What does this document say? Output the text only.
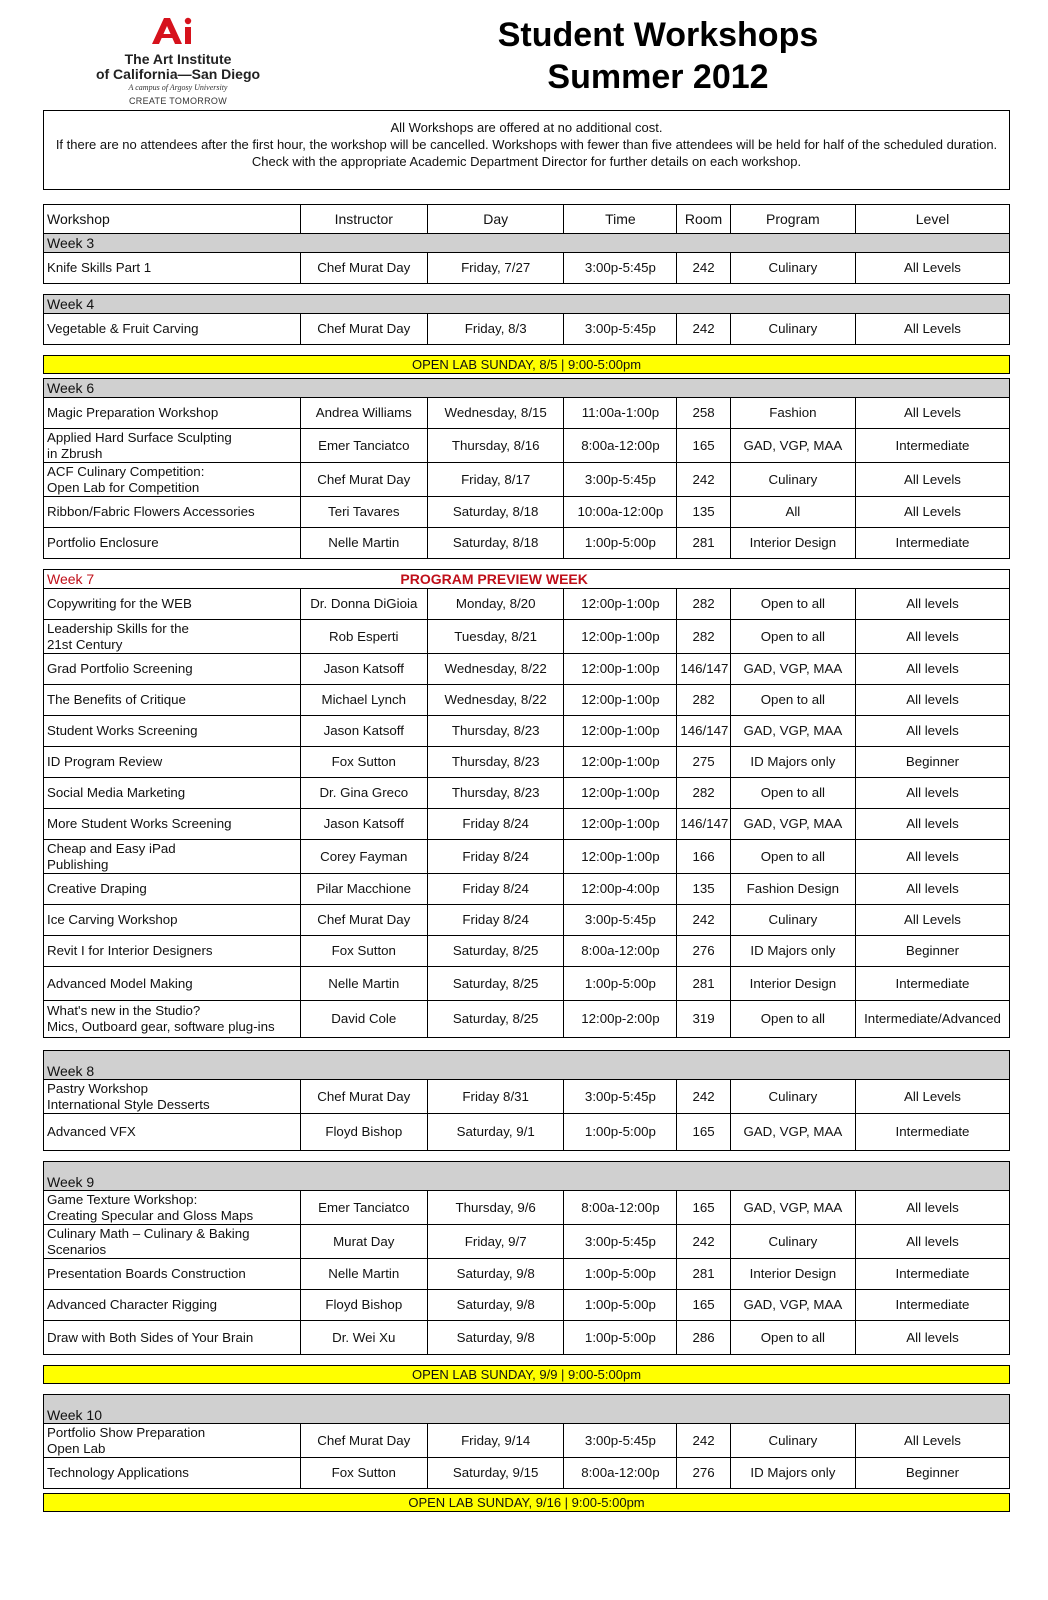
The Art Institute
of California—San Diego
A campus of Argosy University
CREATE TOMORROW
Student Workshops
Summer 2012
All Workshops are offered at no additional cost.
If there are no attendees after the first hour, the workshop will be cancelled. Workshops with fewer than five attendees will be held for half of the scheduled duration.
Check with the appropriate Academic Department Director for further details on each workshop.
Workshop	Instructor	Day	Time	Room	Program	Level
Week 3						

Knife Skills Part 1	Chef Murat Day	Friday, 7/27	3:00p-5:45p	242	Culinary	All Levels

Week 4						

Vegetable & Fruit Carving	Chef Murat Day	Friday, 8/3	3:00p-5:45p	242	Culinary	All Levels

OPEN LAB SUNDAY, 8/5 | 9:00-5:00pm						

Week 6						

Magic Preparation Workshop	Andrea Williams	Wednesday, 8/15	11:00a-1:00p	258	Fashion	All Levels

Applied Hard Surface Sculpting
in Zbrush	Emer Tanciatco	Thursday, 8/16	8:00a-12:00p	165	GAD, VGP, MAA	Intermediate

ACF Culinary Competition:
Open Lab for Competition	Chef Murat Day	Friday, 8/17	3:00p-5:45p	242	Culinary	All Levels

Ribbon/Fabric Flowers Accessories	Teri Tavares	Saturday, 8/18	10:00a-12:00p	135	All	All Levels

Portfolio Enclosure	Nelle Martin	Saturday, 8/18	1:00p-5:00p	281	Interior Design	Intermediate

Week 7		PROGRAM PREVIEW WEEK				

Copywriting for the WEB	Dr. Donna DiGioia	Monday, 8/20	12:00p-1:00p	282	Open to all	All levels

Leadership Skills for the
21st Century	Rob Esperti	Tuesday, 8/21	12:00p-1:00p	282	Open to all	All levels

Grad Portfolio Screening	Jason Katsoff	Wednesday, 8/22	12:00p-1:00p	146/147	GAD, VGP, MAA	All levels

The Benefits of Critique	Michael Lynch	Wednesday, 8/22	12:00p-1:00p	282	Open to all	All levels

Student Works Screening	Jason Katsoff	Thursday, 8/23	12:00p-1:00p	146/147	GAD, VGP, MAA	All levels

ID Program Review	Fox Sutton	Thursday, 8/23	12:00p-1:00p	275	ID Majors only	Beginner

Social Media Marketing	Dr. Gina Greco	Thursday, 8/23	12:00p-1:00p	282	Open to all	All levels

More Student Works Screening	Jason Katsoff	Friday 8/24	12:00p-1:00p	146/147	GAD, VGP, MAA	All levels

Cheap and Easy iPad
Publishing	Corey Fayman	Friday 8/24	12:00p-1:00p	166	Open to all	All levels

Creative Draping	Pilar Macchione	Friday 8/24	12:00p-4:00p	135	Fashion Design	All levels

Ice Carving Workshop	Chef Murat Day	Friday 8/24	3:00p-5:45p	242	Culinary	All Levels

Revit I for Interior Designers	Fox Sutton	Saturday, 8/25	8:00a-12:00p	276	ID Majors only	Beginner

Advanced Model Making	Nelle Martin	Saturday, 8/25	1:00p-5:00p	281	Interior Design	Intermediate

What's new in the Studio?
Mics, Outboard gear, software plug-ins	David Cole	Saturday, 8/25	12:00p-2:00p	319	Open to all	Intermediate/Advanced

Week 8						

Pastry Workshop
International Style Desserts	Chef Murat Day	Friday 8/31	3:00p-5:45p	242	Culinary	All Levels

Advanced VFX	Floyd Bishop	Saturday, 9/1	1:00p-5:00p	165	GAD, VGP, MAA	Intermediate

Week 9						

Game Texture Workshop:
Creating Specular and Gloss Maps	Emer Tanciatco	Thursday, 9/6	8:00a-12:00p	165	GAD, VGP, MAA	All levels

Culinary Math – Culinary & Baking
Scenarios	Murat Day	Friday, 9/7	3:00p-5:45p	242	Culinary	All levels

Presentation Boards Construction	Nelle Martin	Saturday, 9/8	1:00p-5:00p	281	Interior Design	Intermediate

Advanced Character Rigging	Floyd Bishop	Saturday, 9/8	1:00p-5:00p	165	GAD, VGP, MAA	Intermediate

Draw with Both Sides of Your Brain	Dr. Wei Xu	Saturday, 9/8	1:00p-5:00p	286	Open to all	All levels

OPEN LAB SUNDAY, 9/9 | 9:00-5:00pm						

Week 10						

Portfolio Show Preparation
Open Lab	Chef Murat Day	Friday, 9/14	3:00p-5:45p	242	Culinary	All Levels

Technology Applications	Fox Sutton	Saturday, 9/15	8:00a-12:00p	276	ID Majors only	Beginner

OPEN LAB SUNDAY, 9/16 | 9:00-5:00pm						
